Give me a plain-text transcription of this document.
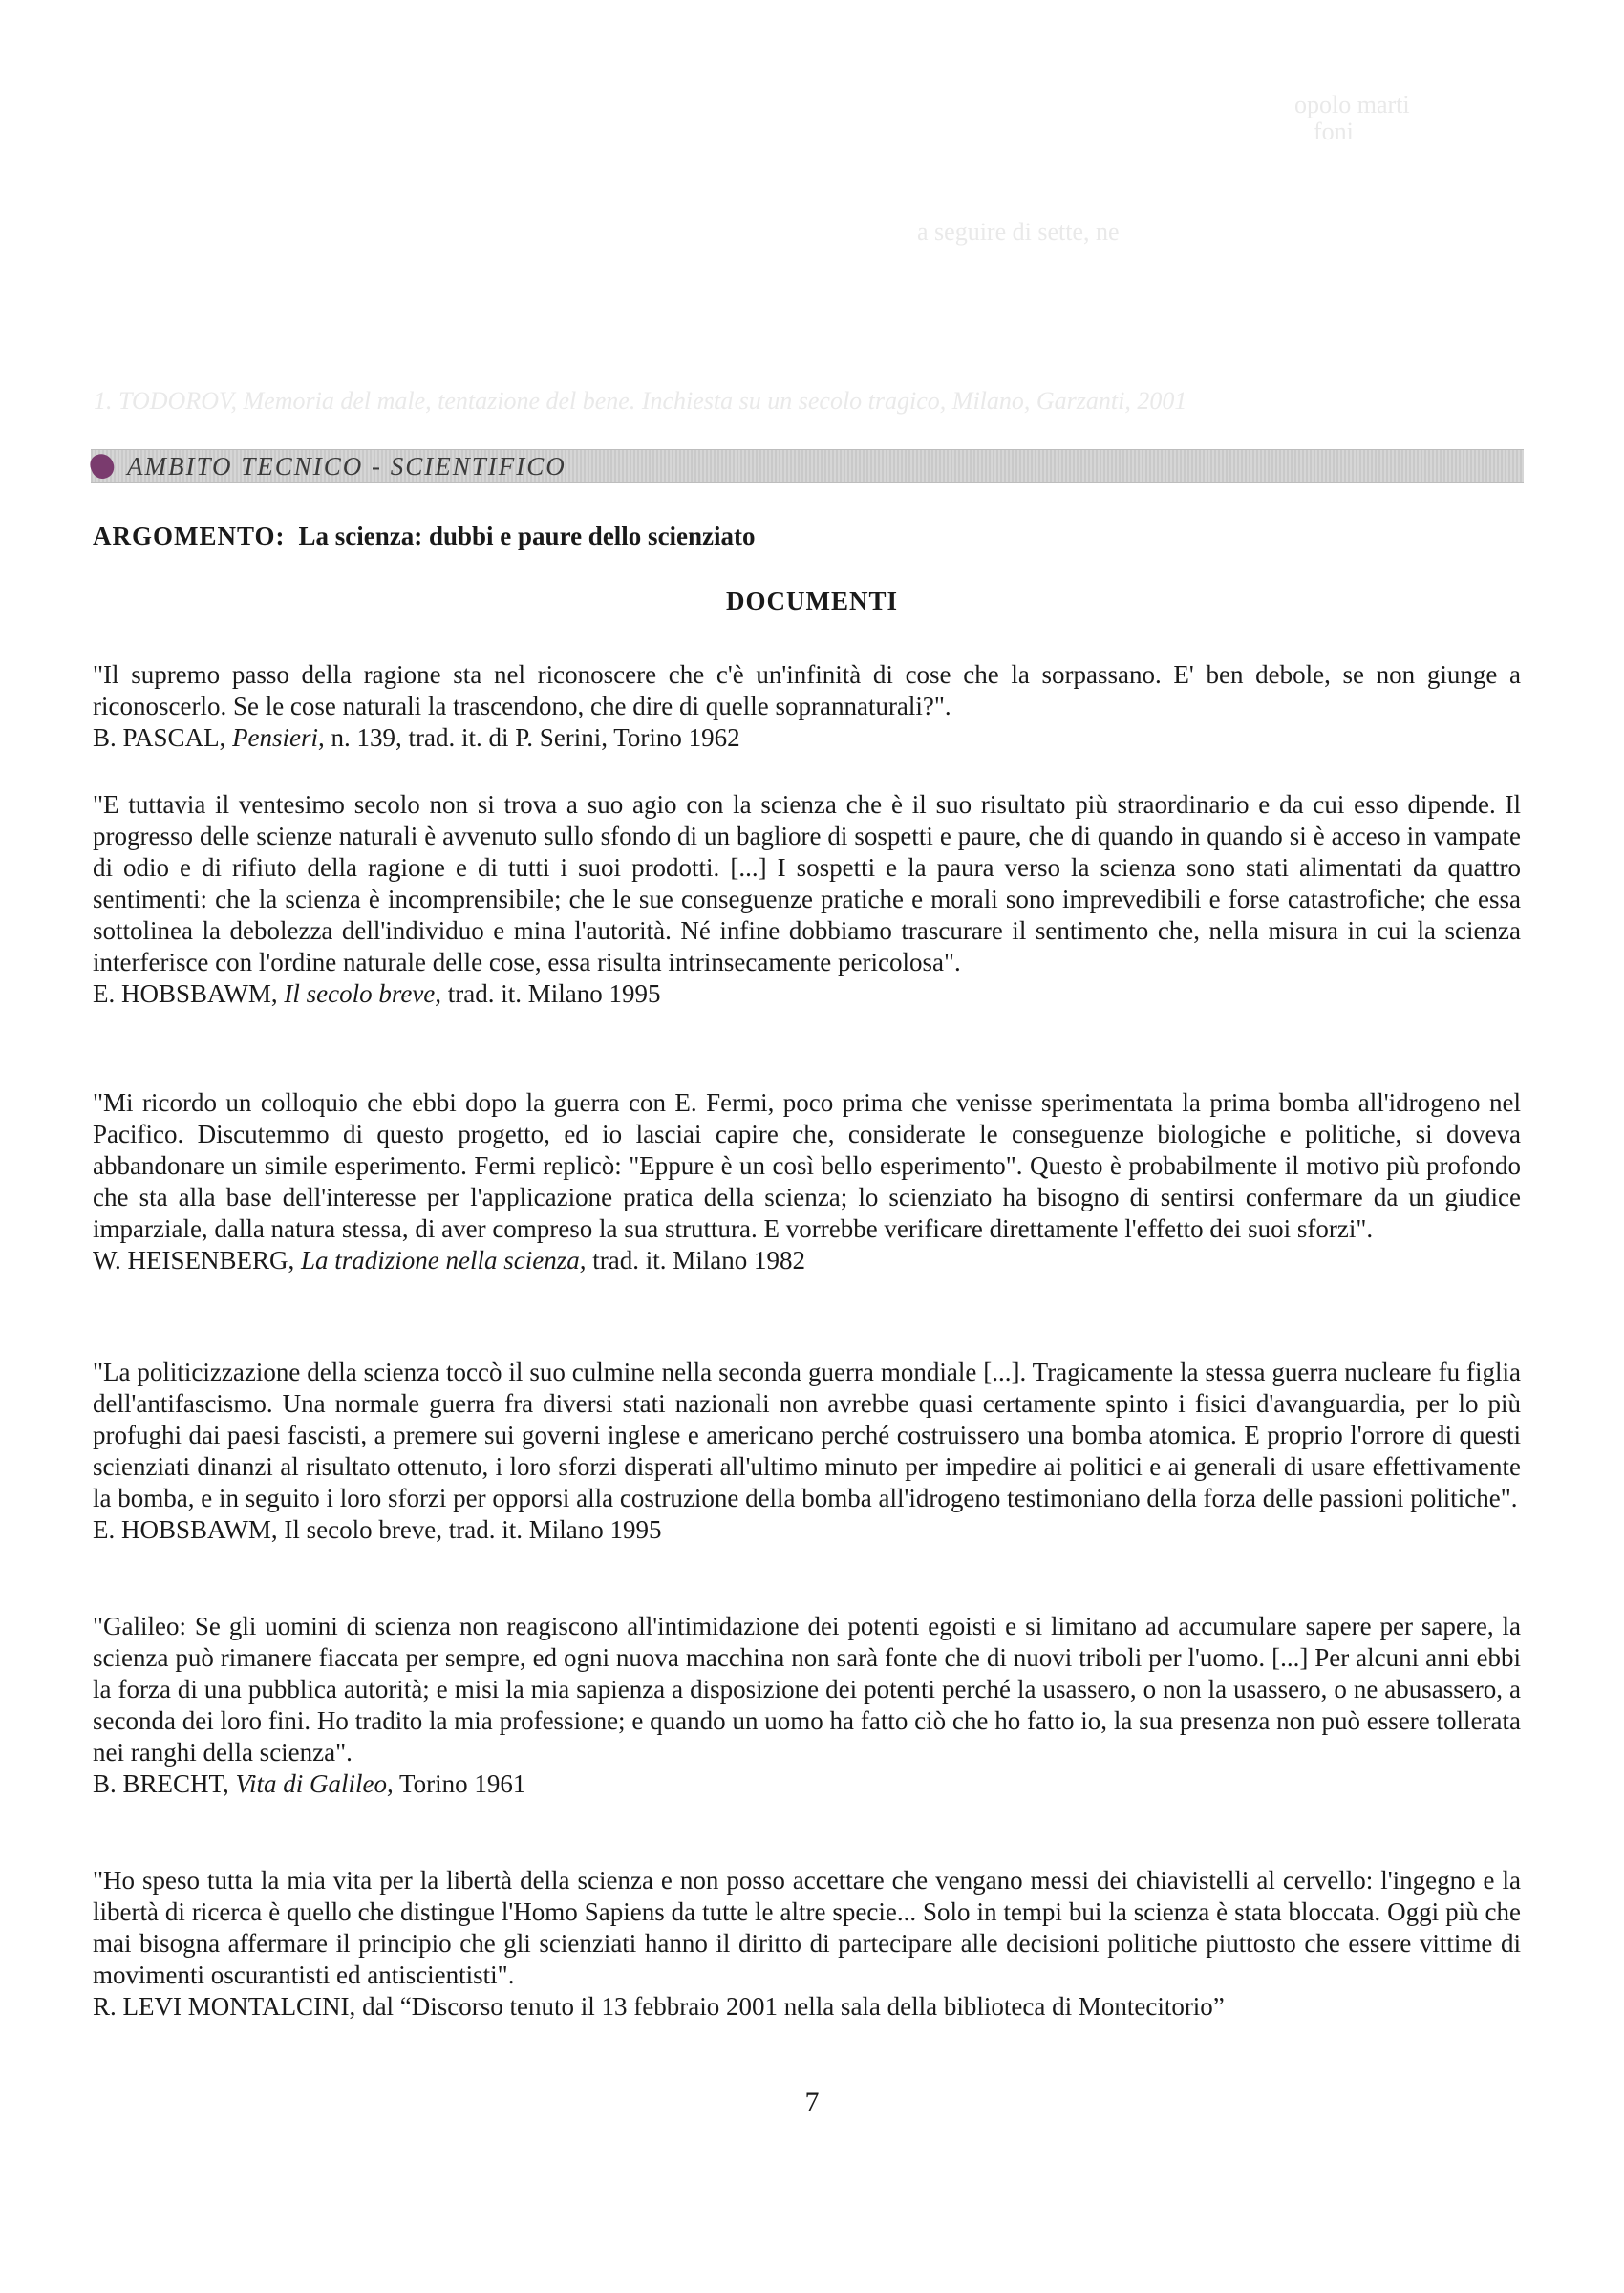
opolo marti
foni
a seguire di sette, ne
1. TODOROV, Memoria del male, tentazione del bene. Inchiesta su un secolo tragico, Milano, Garzanti, 2001
AMBITO TECNICO - SCIENTIFICO
ARGOMENTO: La scienza: dubbi e paure dello scienziato
DOCUMENTI

"Il supremo passo della ragione sta nel riconoscere che c'è un'infinità di cose che la sorpassano. E' ben debole, se non giunge a riconoscerlo. Se le cose naturali la trascendono, che dire di quelle soprannaturali?".

B. PASCAL, Pensieri, n. 139, trad. it. di P. Serini, Torino 1962

"E tuttavia il ventesimo secolo non si trova a suo agio con la scienza che è il suo risultato più straordinario e da cui esso dipende. Il progresso delle scienze naturali è avvenuto sullo sfondo di un bagliore di sospetti e paure, che di quando in quando si è acceso in vampate di odio e di rifiuto della ragione e di tutti i suoi prodotti. [...] I sospetti e la paura verso la scienza sono stati alimentati da quattro sentimenti: che la scienza è incomprensibile; che le sue conseguenze pratiche e morali sono imprevedibili e forse catastrofiche; che essa sottolinea la debolezza dell'individuo e mina l'autorità. Né infine dobbiamo trascurare il sentimento che, nella misura in cui la scienza interferisce con l'ordine naturale delle cose, essa risulta intrinsecamente pericolosa".

E. HOBSBAWM, Il secolo breve, trad. it. Milano 1995

"Mi ricordo un colloquio che ebbi dopo la guerra con E. Fermi, poco prima che venisse sperimentata la prima bomba all'idrogeno nel Pacifico. Discutemmo di questo progetto, ed io lasciai capire che, considerate le conseguenze biologiche e politiche, si doveva abbandonare un simile esperimento. Fermi replicò: "Eppure è un così bello esperimento". Questo è probabilmente il motivo più profondo che sta alla base dell'interesse per l'applicazione pratica della scienza; lo scienziato ha bisogno di sentirsi confermare da un giudice imparziale, dalla natura stessa, di aver compreso la sua struttura. E vorrebbe verificare direttamente l'effetto dei suoi sforzi".

W. HEISENBERG, La tradizione nella scienza, trad. it. Milano 1982

"La politicizzazione della scienza toccò il suo culmine nella seconda guerra mondiale [...]. Tragicamente la stessa guerra nucleare fu figlia dell'antifascismo. Una normale guerra fra diversi stati nazionali non avrebbe quasi certamente spinto i fisici d'avanguardia, per lo più profughi dai paesi fascisti, a premere sui governi inglese e americano perché costruissero una bomba atomica. E proprio l'orrore di questi scienziati dinanzi al risultato ottenuto, i loro sforzi disperati all'ultimo minuto per impedire ai politici e ai generali di usare effettivamente la bomba, e in seguito i loro sforzi per opporsi alla costruzione della bomba all'idrogeno testimoniano della forza delle passioni politiche".

E. HOBSBAWM, Il secolo breve, trad. it. Milano 1995

"Galileo: Se gli uomini di scienza non reagiscono all'intimidazione dei potenti egoisti e si limitano ad accumulare sapere per sapere, la scienza può rimanere fiaccata per sempre, ed ogni nuova macchina non sarà fonte che di nuovi triboli per l'uomo. [...] Per alcuni anni ebbi la forza di una pubblica autorità; e misi la mia sapienza a disposizione dei potenti perché la usassero, o non la usassero, o ne abusassero, a seconda dei loro fini. Ho tradito la mia professione; e quando un uomo ha fatto ciò che ho fatto io, la sua presenza non può essere tollerata nei ranghi della scienza".

B. BRECHT, Vita di Galileo, Torino 1961

"Ho speso tutta la mia vita per la libertà della scienza e non posso accettare che vengano messi dei chiavistelli al cervello: l'ingegno e la libertà di ricerca è quello che distingue l'Homo Sapiens da tutte le altre specie... Solo in tempi bui la scienza è stata bloccata. Oggi più che mai bisogna affermare il principio che gli scienziati hanno il diritto di partecipare alle decisioni politiche piuttosto che essere vittime di movimenti oscurantisti ed antiscientisti".

R. LEVI MONTALCINI, dal “Discorso tenuto il 13 febbraio 2001 nella sala della biblioteca di Montecitorio”

7
